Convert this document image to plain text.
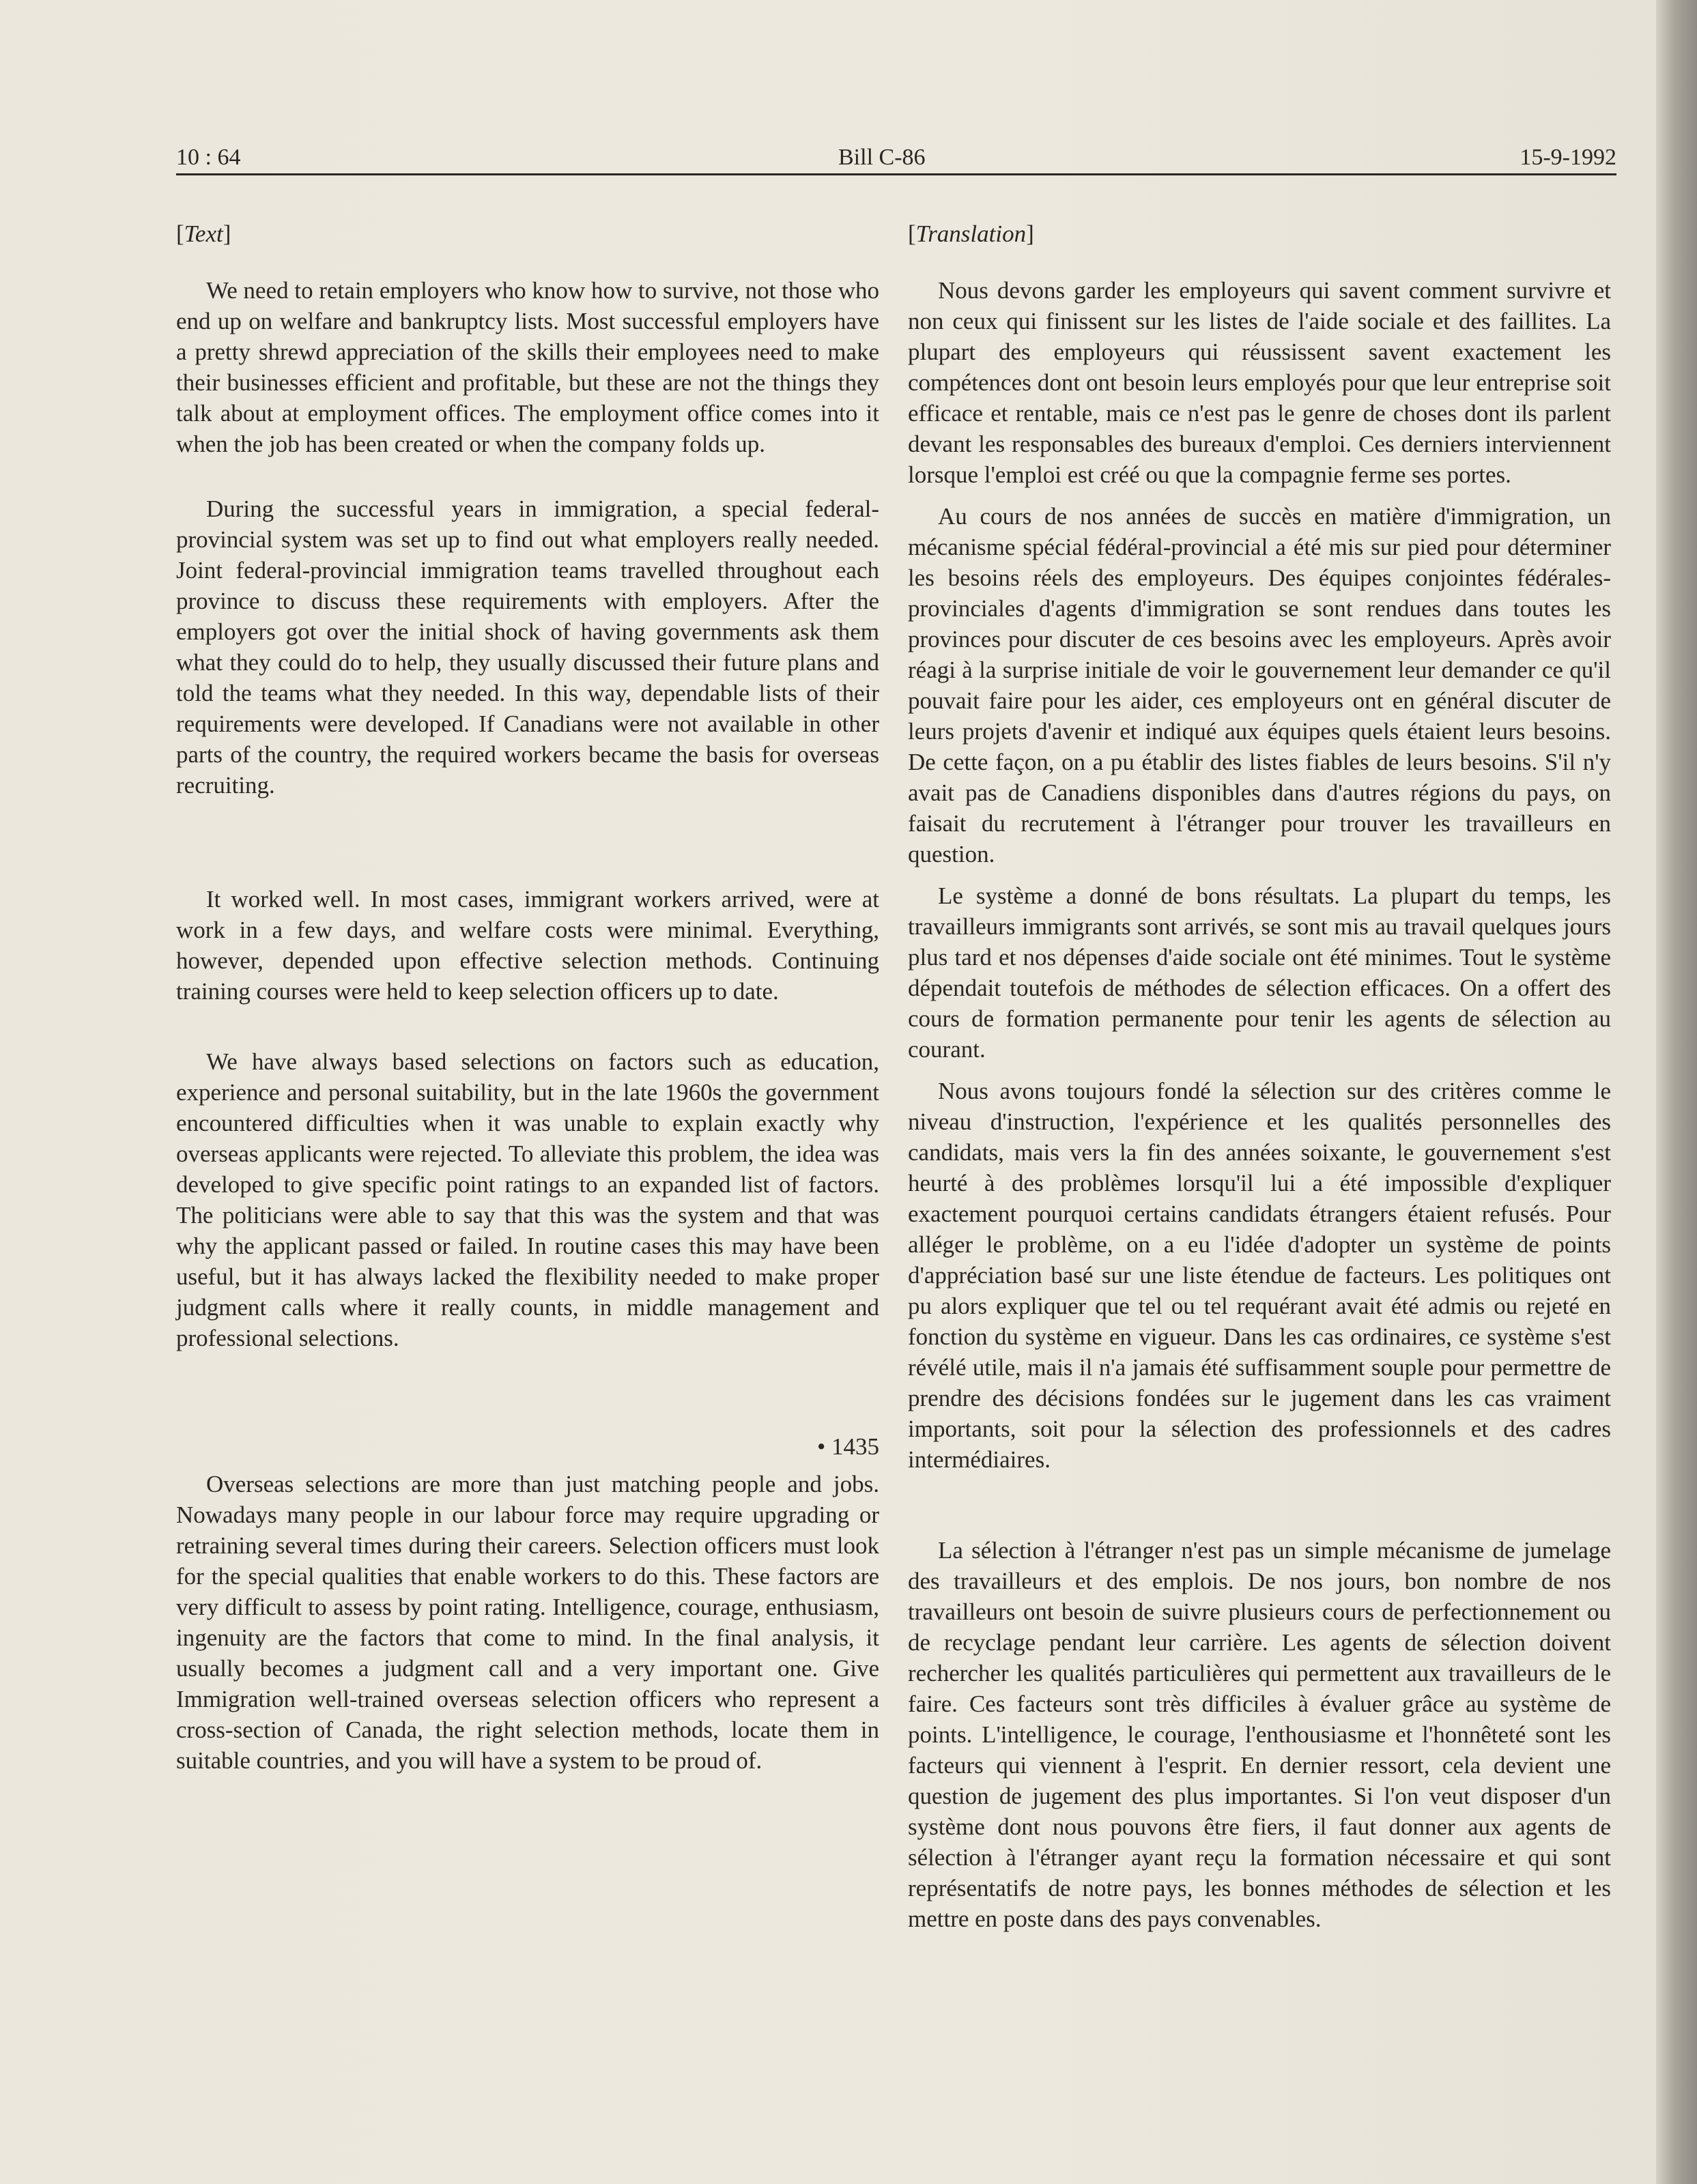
10 : 64	Bill C-86	15-9-1992
[Text]

We need to retain employers who know how to survive, not those who end up on welfare and bankruptcy lists. Most successful employers have a pretty shrewd appreciation of the skills their employees need to make their businesses efficient and profitable, but these are not the things they talk about at employment offices. The employment office comes into it when the job has been created or when the company folds up.

During the successful years in immigration, a special federal-provincial system was set up to find out what employers really needed. Joint federal-provincial immigration teams travelled throughout each province to discuss these requirements with employers. After the employers got over the initial shock of having governments ask them what they could do to help, they usually discussed their future plans and told the teams what they needed. In this way, dependable lists of their requirements were developed. If Canadians were not available in other parts of the country, the required workers became the basis for overseas recruiting.

It worked well. In most cases, immigrant workers arrived, were at work in a few days, and welfare costs were minimal. Everything, however, depended upon effective selection methods. Continuing training courses were held to keep selection officers up to date.

We have always based selections on factors such as education, experience and personal suitability, but in the late 1960s the government encountered difficulties when it was unable to explain exactly why overseas applicants were rejected. To alleviate this problem, the idea was developed to give specific point ratings to an expanded list of factors. The politicians were able to say that this was the system and that was why the applicant passed or failed. In routine cases this may have been useful, but it has always lacked the flexibility needed to make proper judgment calls where it really counts, in middle management and professional selections.

• 1435

Overseas selections are more than just matching people and jobs. Nowadays many people in our labour force may require upgrading or retraining several times during their careers. Selection officers must look for the special qualities that enable workers to do this. These factors are very difficult to assess by point rating. Intelligence, courage, enthusiasm, ingenuity are the factors that come to mind. In the final analysis, it usually becomes a judgment call and a very important one. Give Immigration well-trained overseas selection officers who represent a cross-section of Canada, the right selection methods, locate them in suitable countries, and you will have a system to be proud of.

[Translation]

Nous devons garder les employeurs qui savent comment survivre et non ceux qui finissent sur les listes de l'aide sociale et des faillites. La plupart des employeurs qui réussissent savent exactement les compétences dont ont besoin leurs employés pour que leur entreprise soit efficace et rentable, mais ce n'est pas le genre de choses dont ils parlent devant les responsables des bureaux d'emploi. Ces derniers interviennent lorsque l'emploi est créé ou que la compagnie ferme ses portes.

Au cours de nos années de succès en matière d'immigration, un mécanisme spécial fédéral-provincial a été mis sur pied pour déterminer les besoins réels des employeurs. Des équipes conjointes fédérales-provinciales d'agents d'immigration se sont rendues dans toutes les provinces pour discuter de ces besoins avec les employeurs. Après avoir réagi à la surprise initiale de voir le gouvernement leur demander ce qu'il pouvait faire pour les aider, ces employeurs ont en général discuter de leurs projets d'avenir et indiqué aux équipes quels étaient leurs besoins. De cette façon, on a pu établir des listes fiables de leurs besoins. S'il n'y avait pas de Canadiens disponibles dans d'autres régions du pays, on faisait du recrutement à l'étranger pour trouver les travailleurs en question.

Le système a donné de bons résultats. La plupart du temps, les travailleurs immigrants sont arrivés, se sont mis au travail quelques jours plus tard et nos dépenses d'aide sociale ont été minimes. Tout le système dépendait toutefois de méthodes de sélection efficaces. On a offert des cours de formation permanente pour tenir les agents de sélection au courant.

Nous avons toujours fondé la sélection sur des critères comme le niveau d'instruction, l'expérience et les qualités personnelles des candidats, mais vers la fin des années soixante, le gouvernement s'est heurté à des problèmes lorsqu'il lui a été impossible d'expliquer exactement pourquoi certains candidats étrangers étaient refusés. Pour alléger le problème, on a eu l'idée d'adopter un système de points d'appréciation basé sur une liste étendue de facteurs. Les politiques ont pu alors expliquer que tel ou tel requérant avait été admis ou rejeté en fonction du système en vigueur. Dans les cas ordinaires, ce système s'est révélé utile, mais il n'a jamais été suffisamment souple pour permettre de prendre des décisions fondées sur le jugement dans les cas vraiment importants, soit pour la sélection des professionnels et des cadres intermédiaires.

La sélection à l'étranger n'est pas un simple mécanisme de jumelage des travailleurs et des emplois. De nos jours, bon nombre de nos travailleurs ont besoin de suivre plusieurs cours de perfectionnement ou de recyclage pendant leur carrière. Les agents de sélection doivent rechercher les qualités particulières qui permettent aux travailleurs de le faire. Ces facteurs sont très difficiles à évaluer grâce au système de points. L'intelligence, le courage, l'enthousiasme et l'honnêteté sont les facteurs qui viennent à l'esprit. En dernier ressort, cela devient une question de jugement des plus importantes. Si l'on veut disposer d'un système dont nous pouvons être fiers, il faut donner aux agents de sélection à l'étranger ayant reçu la formation nécessaire et qui sont représentatifs de notre pays, les bonnes méthodes de sélection et les mettre en poste dans des pays convenables.
